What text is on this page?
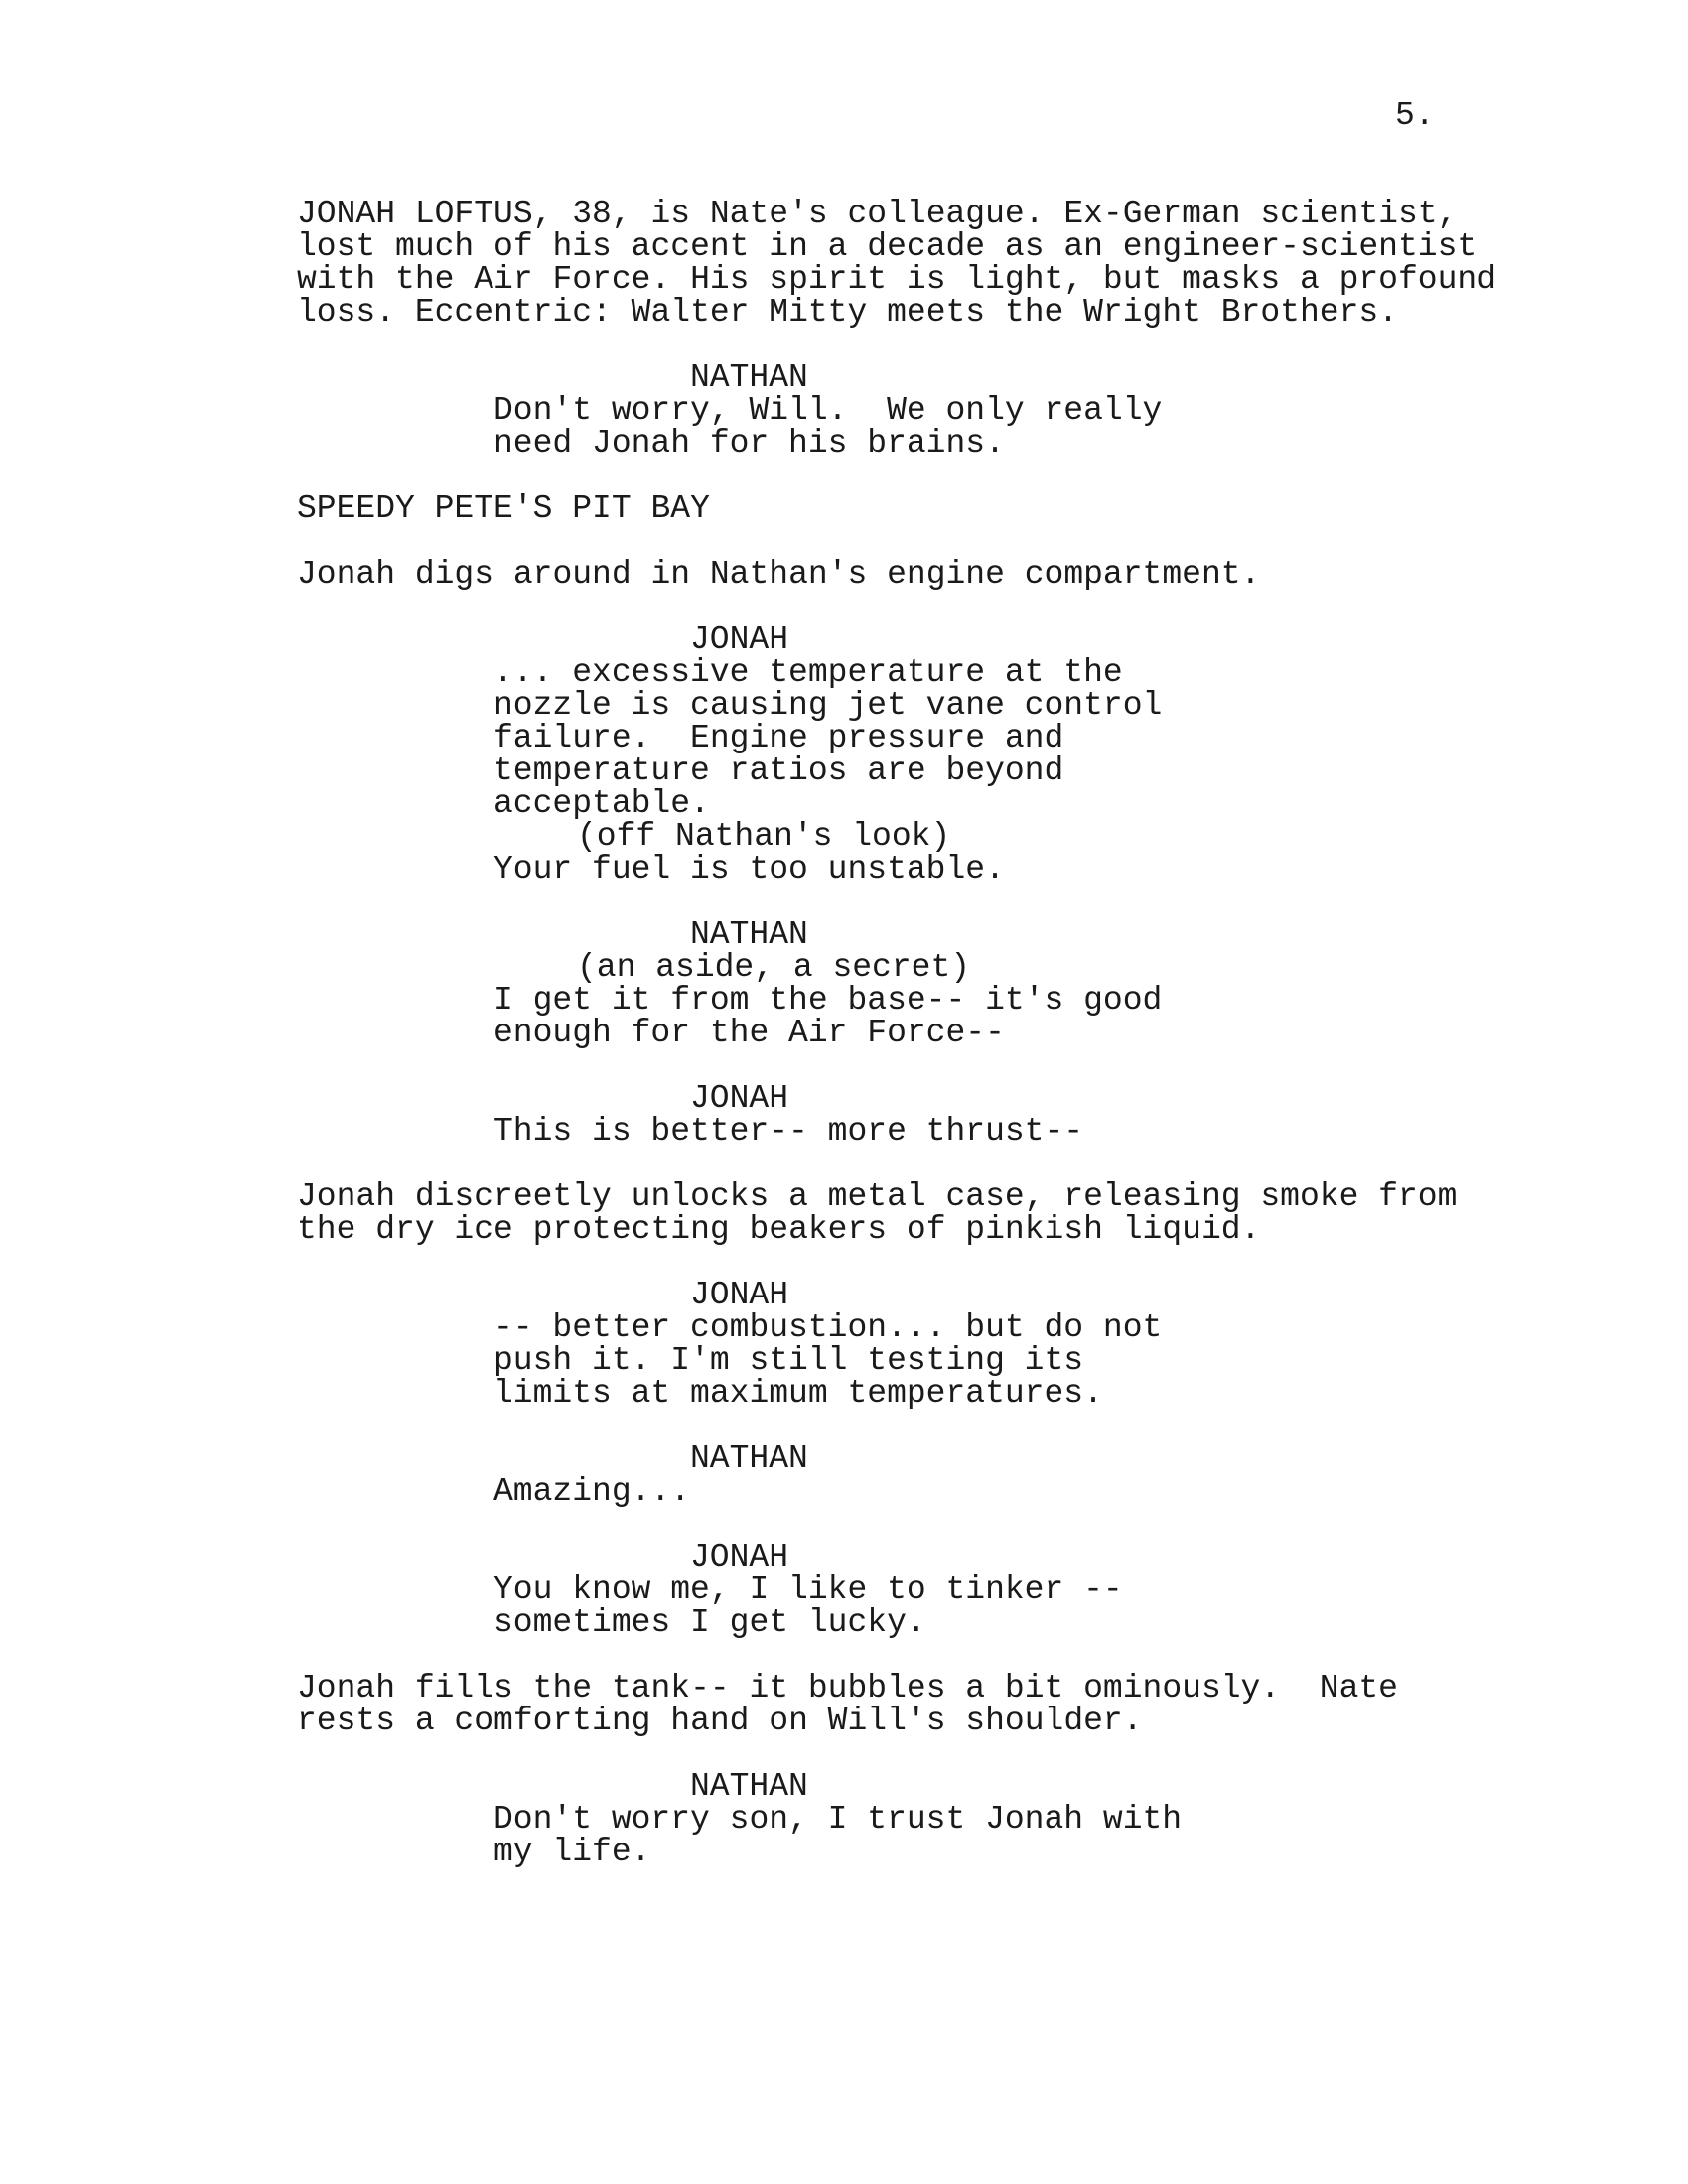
5.
JONAH LOFTUS, 38, is Nate's colleague. Ex-German scientist,
lost much of his accent in a decade as an engineer-scientist
with the Air Force. His spirit is light, but masks a profound
loss. Eccentric: Walter Mitty meets the Wright Brothers.
NATHAN
Don't worry, Will.  We only really
need Jonah for his brains.
SPEEDY PETE'S PIT BAY
Jonah digs around in Nathan's engine compartment.
JONAH
... excessive temperature at the
nozzle is causing jet vane control
failure.  Engine pressure and
temperature ratios are beyond
acceptable.
(off Nathan's look)
Your fuel is too unstable.
NATHAN
(an aside, a secret)
I get it from the base-- it's good
enough for the Air Force--
JONAH
This is better-- more thrust--
Jonah discreetly unlocks a metal case, releasing smoke from
the dry ice protecting beakers of pinkish liquid.
JONAH
-- better combustion... but do not
push it. I'm still testing its
limits at maximum temperatures.
NATHAN
Amazing...
JONAH
You know me, I like to tinker --
sometimes I get lucky.
Jonah fills the tank-- it bubbles a bit ominously.  Nate
rests a comforting hand on Will's shoulder.
NATHAN
Don't worry son, I trust Jonah with
my life.
